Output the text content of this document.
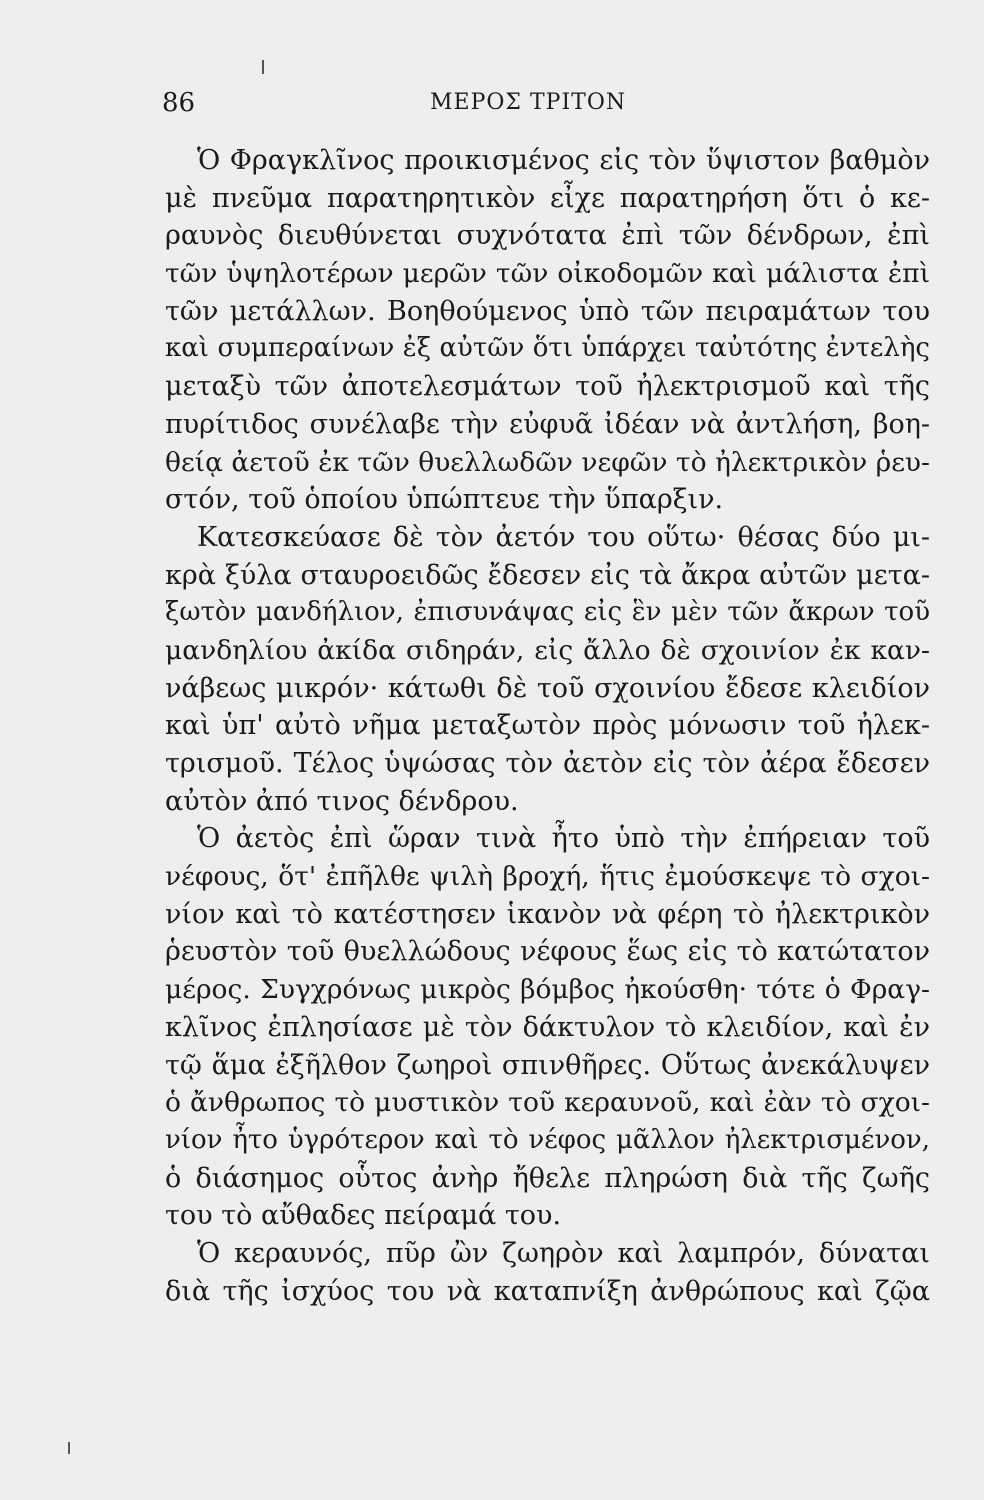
86	ΜΕΡΟΣ ΤΡΙΤΟΝ
Ὁ Φραγκλῖνος προικισμένος εἰς τὸν ὕψιστον βαθμὸν
μὲ πνεῦμα παρατηρητικὸν εἶχε παρατηρήση ὅτι ὁ κε-
ραυνὸς διευθύνεται συχνότατα ἐπὶ τῶν δένδρων, ἐπὶ
τῶν ὑψηλοτέρων μερῶν τῶν οἰκοδομῶν καὶ μάλιστα ἐπὶ
τῶν μετάλλων. Βοηθούμενος ὑπὸ τῶν πειραμάτων του
καὶ συμπεραίνων ἐξ αὐτῶν ὅτι ὑπάρχει ταὐτότης ἐντελὴς
μεταξὺ τῶν ἀποτελεσμάτων τοῦ ἠλεκτρισμοῦ καὶ τῆς
πυρίτιδος συνέλαβε τὴν εὐφυᾶ ἰδέαν νὰ ἀντλήση, βοη-
θείᾳ ἀετοῦ ἐκ τῶν θυελλωδῶν νεφῶν τὸ ἠλεκτρικὸν ῥευ-
στόν, τοῦ ὁποίου ὑπώπτευε τὴν ὕπαρξιν.
Κατεσκεύασε δὲ τὸν ἀετόν του οὕτω· θέσας δύο μι-
κρὰ ξύλα σταυροειδῶς ἔδεσεν εἰς τὰ ἄκρα αὐτῶν μετα-
ξωτὸν μανδήλιον, ἐπισυνάψας εἰς ἓν μὲν τῶν ἄκρων τοῦ
μανδηλίου ἀκίδα σιδηράν, εἰς ἄλλο δὲ σχοινίον ἐκ καν-
νάβεως μικρόν· κάτωθι δὲ τοῦ σχοινίου ἔδεσε κλειδίον
καὶ ὑπ' αὐτὸ νῆμα μεταξωτὸν πρὸς μόνωσιν τοῦ ἠλεκ-
τρισμοῦ. Τέλος ὑψώσας τὸν ἀετὸν εἰς τὸν ἀέρα ἔδεσεν
αὐτὸν ἀπό τινος δένδρου.
Ὁ ἀετὸς ἐπὶ ὥραν τινὰ ἦτο ὑπὸ τὴν ἐπήρειαν τοῦ
νέφους, ὅτ' ἐπῆλθε ψιλὴ βροχή, ἥτις ἐμούσκεψε τὸ σχοι-
νίον καὶ τὸ κατέστησεν ἱκανὸν νὰ φέρη τὸ ἠλεκτρικὸν
ῥευστὸν τοῦ θυελλώδους νέφους ἕως εἰς τὸ κατώτατον
μέρος. Συγχρόνως μικρὸς βόμβος ἠκούσθη· τότε ὁ Φραγ-
κλῖνος ἐπλησίασε μὲ τὸν δάκτυλον τὸ κλειδίον, καὶ ἐν
τῷ ἅμα ἐξῆλθον ζωηροὶ σπινθῆρες. Οὕτως ἀνεκάλυψεν
ὁ ἄνθρωπος τὸ μυστικὸν τοῦ κεραυνοῦ, καὶ ἐὰν τὸ σχοι-
νίον ἦτο ὑγρότερον καὶ τὸ νέφος μᾶλλον ἠλεκτρισμένον,
ὁ διάσημος οὗτος ἀνὴρ ἤθελε πληρώση διὰ τῆς ζωῆς
του τὸ αὔθαδες πείραμά του.
Ὁ κεραυνός, πῦρ ὢν ζωηρὸν καὶ λαμπρόν, δύναται
διὰ τῆς ἰσχύος του νὰ καταπνίξη ἀνθρώπους καὶ ζῷα
